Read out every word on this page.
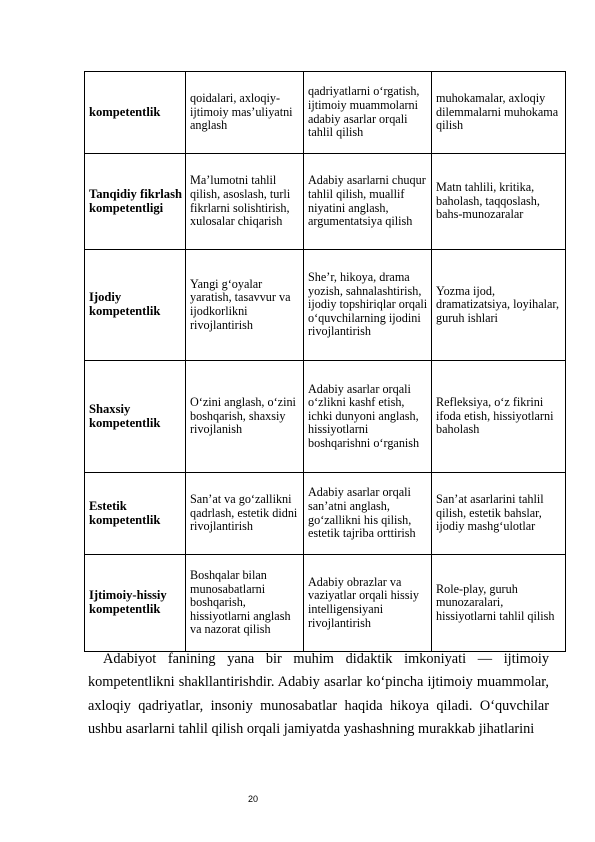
kompetentlik	qoidalari, axloqiy-ijtimoiy mas’uliyatni anglash	qadriyatlarni o‘rgatish, ijtimoiy muammolarni adabiy asarlar orqali tahlil qilish	muhokamalar, axloqiy dilemmalarni muhokama qilish
Tanqidiy fikrlash kompetentligi	Ma’lumotni tahlil qilish, asoslash, turli fikrlarni solishtirish, xulosalar chiqarish	Adabiy asarlarni chuqur tahlil qilish, muallif niyatini anglash, argumentatsiya qilish	Matn tahlili, kritika, baholash, taqqoslash, bahs-munozaralar
Ijodiy kompetentlik	Yangi g‘oyalar yaratish, tasavvur va ijodkorlikni rivojlantirish	She’r, hikoya, drama yozish, sahnalashtirish, ijodiy topshiriqlar orqali o‘quvchilarning ijodini rivojlantirish	Yozma ijod, dramatizatsiya, loyihalar, guruh ishlari
Shaxsiy kompetentlik	O‘zini anglash, o‘zini boshqarish, shaxsiy rivojlanish	Adabiy asarlar orqali o‘zlikni kashf etish, ichki dunyoni anglash, hissiyotlarni boshqarishni o‘rganish	Refleksiya, o‘z fikrini ifoda etish, hissiyotlarni baholash
Estetik kompetentlik	San’at va go‘zallikni qadrlash, estetik didni rivojlantirish	Adabiy asarlar orqali san’atni anglash, go‘zallikni his qilish, estetik tajriba orttirish	San’at asarlarini tahlil qilish, estetik bahslar, ijodiy mashg‘ulotlar
Ijtimoiy-hissiy kompetentlik	Boshqalar bilan munosabatlarni boshqarish, hissiyotlarni anglash va nazorat qilish	Adabiy obrazlar va vaziyatlar orqali hissiy intelligensiyani rivojlantirish	Role-play, guruh munozaralari, hissiyotlarni tahlil qilish

Adabiyot fanining yana bir muhim didaktik imkoniyati — ijtimoiy kompetentlikni shakllantirishdir. Adabiy asarlar ko‘pincha ijtimoiy muammolar, axloqiy qadriyatlar, insoniy munosabatlar haqida hikoya qiladi. O‘quvchilar ushbu asarlarni tahlil qilish orqali jamiyatda yashashning murakkab jihatlarini

20
